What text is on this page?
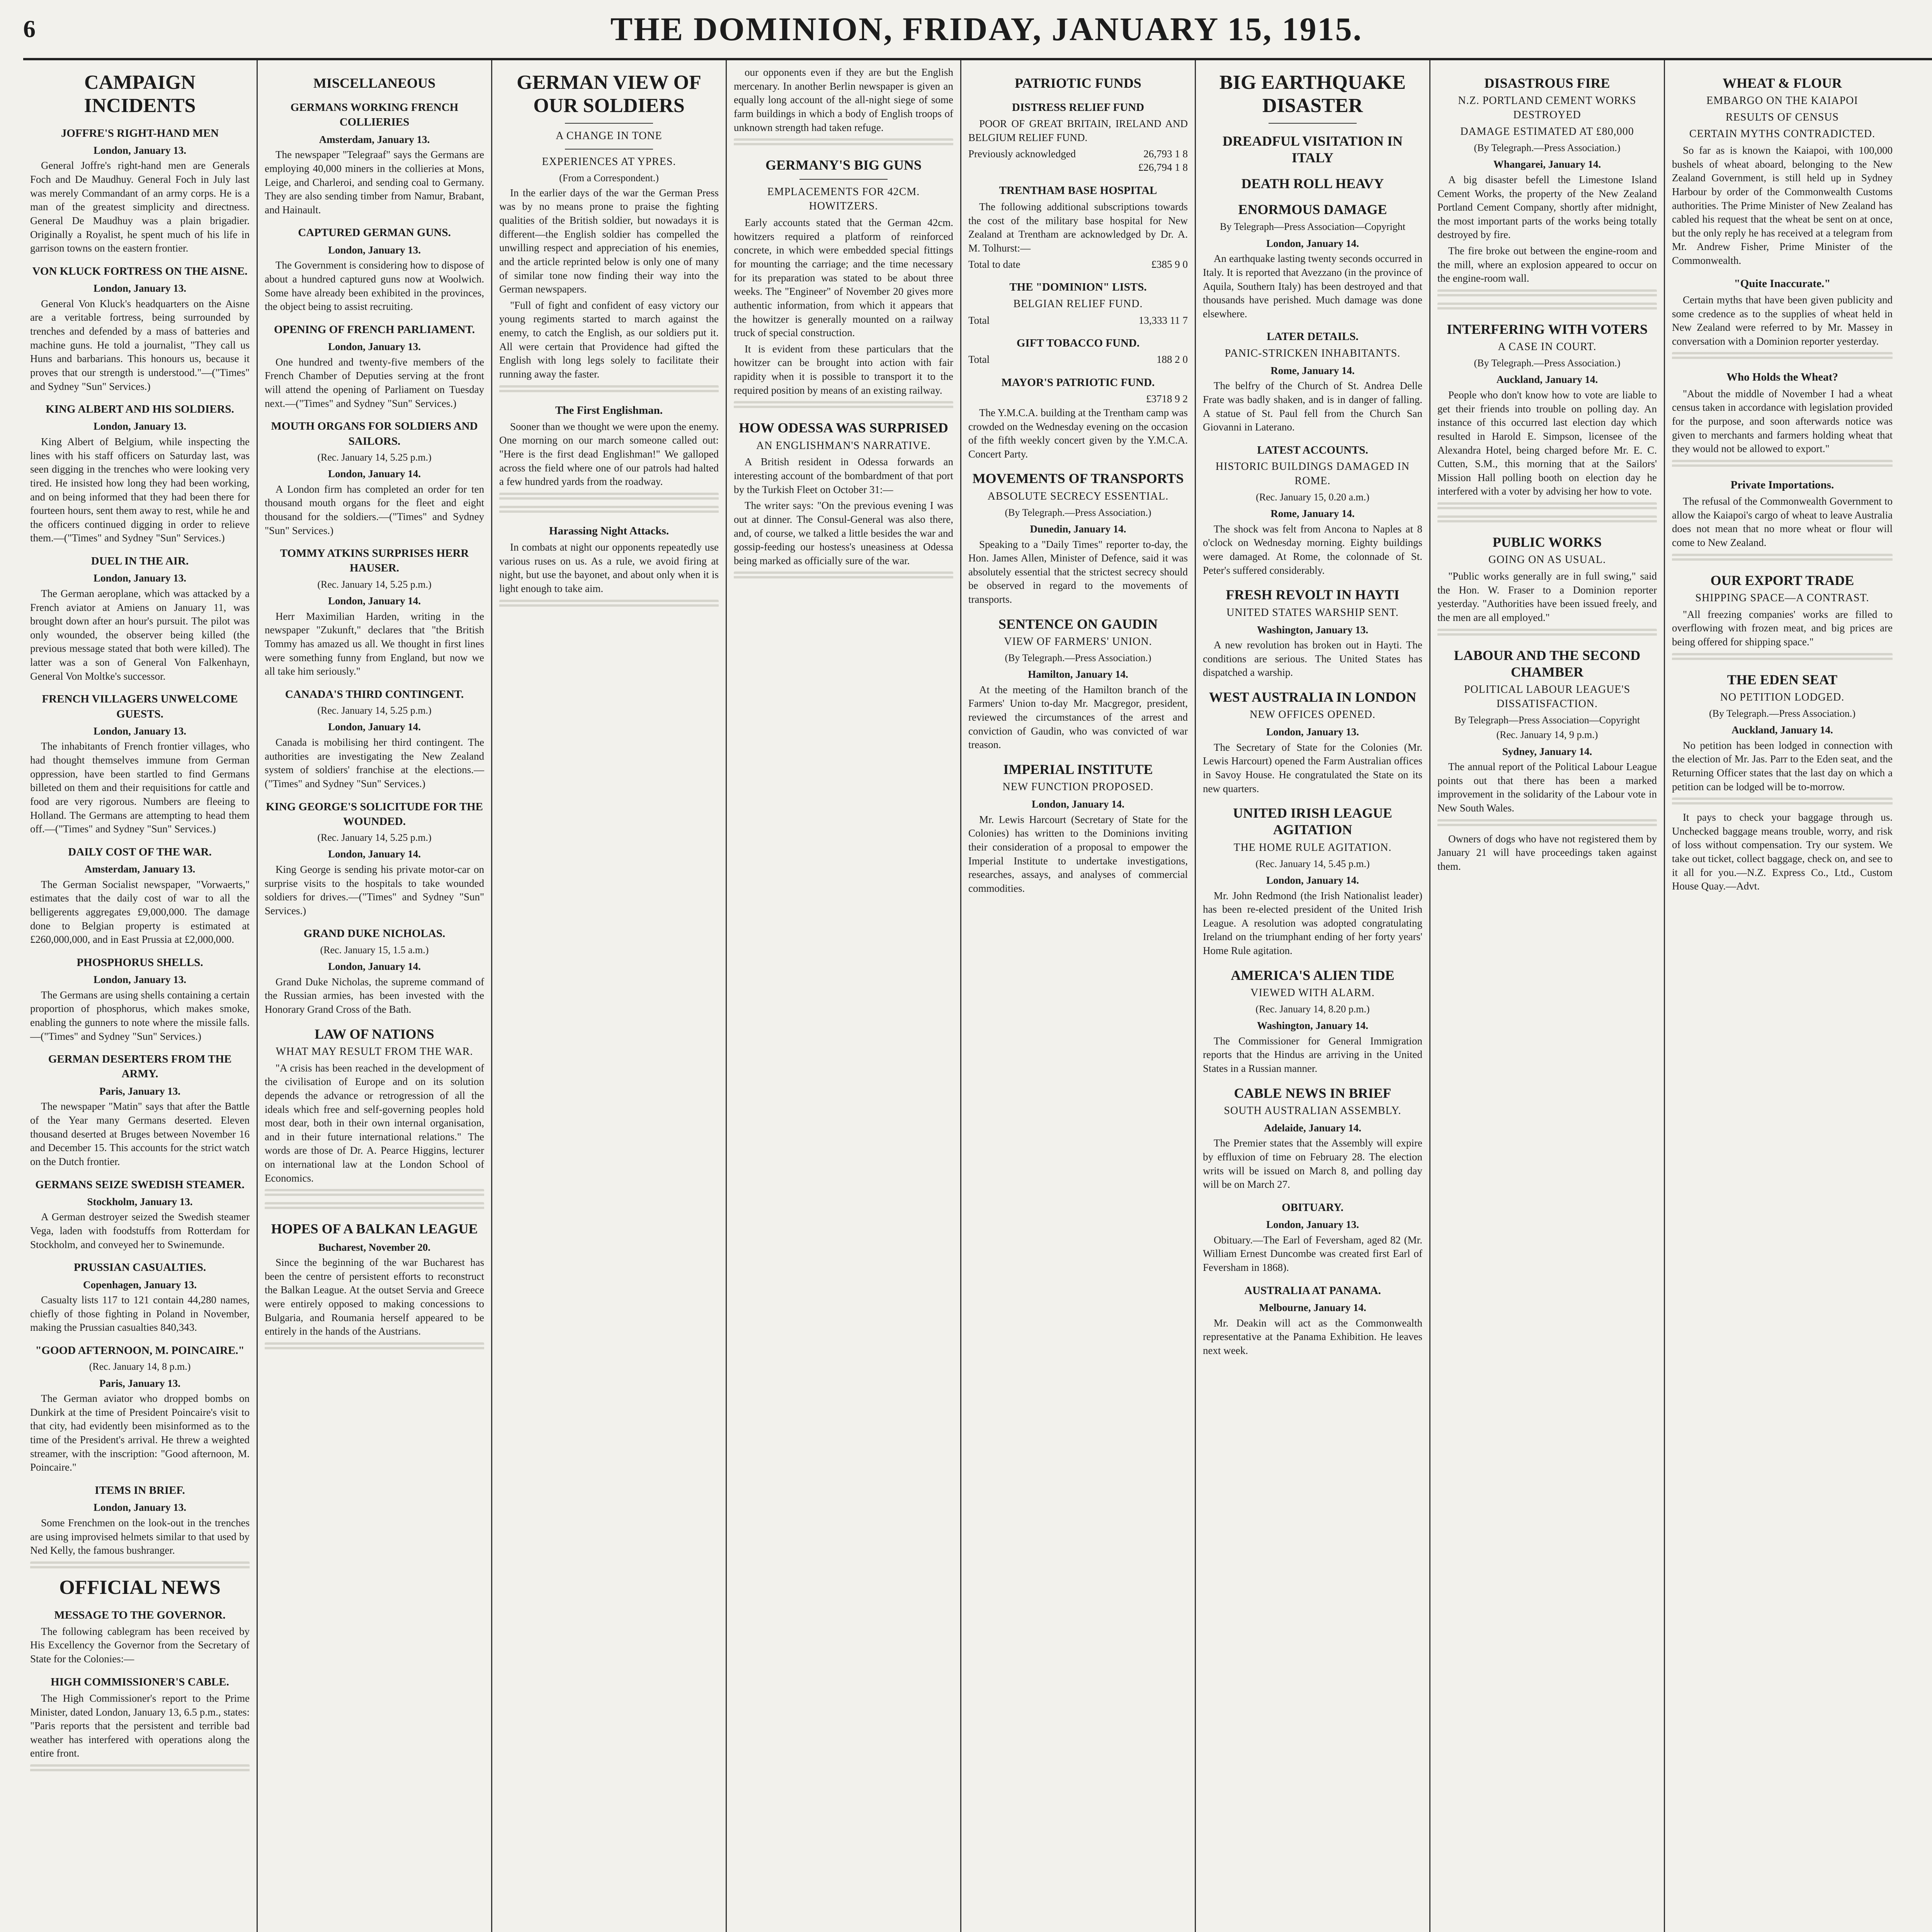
6	THE DOMINION, FRIDAY, JANUARY 15, 1915.
CAMPAIGN INCIDENTS
JOFFRE'S RIGHT-HAND MEN
London, January 13.

General Joffre's right-hand men are Generals Foch and De Maudhuy. General Foch in July last was merely Commandant of an army corps. He is a man of the greatest simplicity and directness. General De Maudhuy was a plain brigadier. Originally a Royalist, he spent much of his life in garrison towns on the eastern frontier.

VON KLUCK FORTRESS ON THE AISNE.
London, January 13.

General Von Kluck's headquarters on the Aisne are a veritable fortress, being surrounded by trenches and defended by a mass of batteries and machine guns. He told a journalist, "They call us Huns and barbarians. This honours us, because it proves that our strength is understood."—("Times" and Sydney "Sun" Services.)

KING ALBERT AND HIS SOLDIERS.
London, January 13.

King Albert of Belgium, while inspecting the lines with his staff officers on Saturday last, was seen digging in the trenches who were looking very tired. He insisted how long they had been working, and on being informed that they had been there for fourteen hours, sent them away to rest, while he and the officers continued digging in order to relieve them.—("Times" and Sydney "Sun" Services.)

DUEL IN THE AIR.
London, January 13.

The German aeroplane, which was attacked by a French aviator at Amiens on January 11, was brought down after an hour's pursuit. The pilot was only wounded, the observer being killed (the previous message stated that both were killed). The latter was a son of General Von Falkenhayn, General Von Moltke's successor.

FRENCH VILLAGERS UNWELCOME GUESTS.
London, January 13.

The inhabitants of French frontier villages, who had thought themselves immune from German oppression, have been startled to find Germans billeted on them and their requisitions for cattle and food are very rigorous. Numbers are fleeing to Holland. The Germans are attempting to head them off.—("Times" and Sydney "Sun" Services.)

DAILY COST OF THE WAR.
Amsterdam, January 13.

The German Socialist newspaper, "Vorwaerts," estimates that the daily cost of war to all the belligerents aggregates £9,000,000. The damage done to Belgian property is estimated at £260,000,000, and in East Prussia at £2,000,000.

PHOSPHORUS SHELLS.
London, January 13.

The Germans are using shells containing a certain proportion of phosphorus, which makes smoke, enabling the gunners to note where the missile falls.—("Times" and Sydney "Sun" Services.)

GERMAN DESERTERS FROM THE ARMY.
Paris, January 13.

The newspaper "Matin" says that after the Battle of the Year many Germans deserted. Eleven thousand deserted at Bruges between November 16 and December 15. This accounts for the strict watch on the Dutch frontier.

GERMANS SEIZE SWEDISH STEAMER.
Stockholm, January 13.

A German destroyer seized the Swedish steamer Vega, laden with foodstuffs from Rotterdam for Stockholm, and conveyed her to Swinemunde.

PRUSSIAN CASUALTIES.
Copenhagen, January 13.

Casualty lists 117 to 121 contain 44,280 names, chiefly of those fighting in Poland in November, making the Prussian casualties 840,343.

"GOOD AFTERNOON, M. POINCAIRE."
(Rec. January 14, 8 p.m.)
Paris, January 13.

The German aviator who dropped bombs on Dunkirk at the time of President Poincaire's visit to that city, had evidently been misinformed as to the time of the President's arrival. He threw a weighted streamer, with the inscription: "Good afternoon, M. Poincaire."

ITEMS IN BRIEF.
London, January 13.

Some Frenchmen on the look-out in the trenches are using improvised helmets similar to that used by Ned Kelly, the famous bushranger.

OFFICIAL NEWS
MESSAGE TO THE GOVERNOR.

The following cablegram has been received by His Excellency the Governor from the Secretary of State for the Colonies:—

HIGH COMMISSIONER'S CABLE.

The High Commissioner's report to the Prime Minister, dated London, January 13, 6.5 p.m., states: "Paris reports that the persistent and terrible bad weather has interfered with operations along the entire front.

MISCELLANEOUS
GERMANS WORKING FRENCH COLLIERIES
Amsterdam, January 13.

The newspaper "Telegraaf" says the Germans are employing 40,000 miners in the collieries at Mons, Leige, and Charleroi, and sending coal to Germany. They are also sending timber from Namur, Brabant, and Hainault.

CAPTURED GERMAN GUNS.
London, January 13.

The Government is considering how to dispose of about a hundred captured guns now at Woolwich. Some have already been exhibited in the provinces, the object being to assist recruiting.

OPENING OF FRENCH PARLIAMENT.
London, January 13.

One hundred and twenty-five members of the French Chamber of Deputies serving at the front will attend the opening of Parliament on Tuesday next.—("Times" and Sydney "Sun" Services.)

MOUTH ORGANS FOR SOLDIERS AND SAILORS.
(Rec. January 14, 5.25 p.m.)
London, January 14.

A London firm has completed an order for ten thousand mouth organs for the fleet and eight thousand for the soldiers.—("Times" and Sydney "Sun" Services.)

TOMMY ATKINS SURPRISES HERR HAUSER.
(Rec. January 14, 5.25 p.m.)
London, January 14.

Herr Maximilian Harden, writing in the newspaper "Zukunft," declares that "the British Tommy has amazed us all. We thought in first lines were something funny from England, but now we all take him seriously."

CANADA'S THIRD CONTINGENT.
(Rec. January 14, 5.25 p.m.)
London, January 14.

Canada is mobilising her third contingent. The authorities are investigating the New Zealand system of soldiers' franchise at the elections.—("Times" and Sydney "Sun" Services.)

KING GEORGE'S SOLICITUDE FOR THE WOUNDED.
(Rec. January 14, 5.25 p.m.)
London, January 14.

King George is sending his private motor-car on surprise visits to the hospitals to take wounded soldiers for drives.—("Times" and Sydney "Sun" Services.)

GRAND DUKE NICHOLAS.
(Rec. January 15, 1.5 a.m.)
London, January 14.

Grand Duke Nicholas, the supreme command of the Russian armies, has been invested with the Honorary Grand Cross of the Bath.

LAW OF NATIONS
WHAT MAY RESULT FROM THE WAR.

"A crisis has been reached in the development of the civilisation of Europe and on its solution depends the advance or retrogression of all the ideals which free and self-governing peoples hold most dear, both in their own internal organisation, and in their future international relations." The words are those of Dr. A. Pearce Higgins, lecturer on international law at the London School of Economics.

HOPES OF A BALKAN LEAGUE
Bucharest, November 20.

Since the beginning of the war Bucharest has been the centre of persistent efforts to reconstruct the Balkan League. At the outset Servia and Greece were entirely opposed to making concessions to Bulgaria, and Roumania herself appeared to be entirely in the hands of the Austrians.

GERMAN VIEW OF OUR SOLDIERS
A CHANGE IN TONE
EXPERIENCES AT YPRES.
(From a Correspondent.)

In the earlier days of the war the German Press was by no means prone to praise the fighting qualities of the British soldier, but nowadays it is different—the English soldier has compelled the unwilling respect and appreciation of his enemies, and the article reprinted below is only one of many of similar tone now finding their way into the German newspapers.

"Full of fight and confident of easy victory our young regiments started to march against the enemy, to catch the English, as our soldiers put it. All were certain that Providence had gifted the English with long legs solely to facilitate their running away the faster.

The First Englishman.

Sooner than we thought we were upon the enemy. One morning on our march someone called out: "Here is the first dead Englishman!" We galloped across the field where one of our patrols had halted a few hundred yards from the roadway.

Harassing Night Attacks.

In combats at night our opponents repeatedly use various ruses on us. As a rule, we avoid firing at night, but use the bayonet, and about only when it is light enough to take aim.

our opponents even if they are but the English mercenary. In another Berlin newspaper is given an equally long account of the all-night siege of some farm buildings in which a body of English troops of unknown strength had taken refuge.

GERMANY'S BIG GUNS
EMPLACEMENTS FOR 42CM. HOWITZERS.

Early accounts stated that the German 42cm. howitzers required a platform of reinforced concrete, in which were embedded special fittings for mounting the carriage; and the time necessary for its preparation was stated to be about three weeks. The "Engineer" of November 20 gives more authentic information, from which it appears that the howitzer is generally mounted on a railway truck of special construction.

It is evident from these particulars that the howitzer can be brought into action with fair rapidity when it is possible to transport it to the required position by means of an existing railway.

HOW ODESSA WAS SURPRISED
AN ENGLISHMAN'S NARRATIVE.

A British resident in Odessa forwards an interesting account of the bombardment of that port by the Turkish Fleet on October 31:—

The writer says: "On the previous evening I was out at dinner. The Consul-General was also there, and, of course, we talked a little besides the war and gossip-feeding our hostess's uneasiness at Odessa being marked as officially sure of the war.

PATRIOTIC FUNDS
DISTRESS RELIEF FUND

POOR OF GREAT BRITAIN, IRELAND AND BELGIUM RELIEF FUND.

Previously acknowledged	26,793 1 8
£26,794 1 8
TRENTHAM BASE HOSPITAL

The following additional subscriptions towards the cost of the military base hospital for New Zealand at Trentham are acknowledged by Dr. A. M. Tolhurst:—

Total to date	£385 9 0
THE "DOMINION" LISTS.
BELGIAN RELIEF FUND.
Total	13,333 11 7
GIFT TOBACCO FUND.
Total	188 2 0
MAYOR'S PATRIOTIC FUND.
£3718 9 2

The Y.M.C.A. building at the Trentham camp was crowded on the Wednesday evening on the occasion of the fifth weekly concert given by the Y.M.C.A. Concert Party.

MOVEMENTS OF TRANSPORTS
ABSOLUTE SECRECY ESSENTIAL.
(By Telegraph.—Press Association.)
Dunedin, January 14.

Speaking to a "Daily Times" reporter to-day, the Hon. James Allen, Minister of Defence, said it was absolutely essential that the strictest secrecy should be observed in regard to the movements of transports.

SENTENCE ON GAUDIN
VIEW OF FARMERS' UNION.
(By Telegraph.—Press Association.)
Hamilton, January 14.

At the meeting of the Hamilton branch of the Farmers' Union to-day Mr. Macgregor, president, reviewed the circumstances of the arrest and conviction of Gaudin, who was convicted of war treason.

IMPERIAL INSTITUTE
NEW FUNCTION PROPOSED.
London, January 14.

Mr. Lewis Harcourt (Secretary of State for the Colonies) has written to the Dominions inviting their consideration of a proposal to empower the Imperial Institute to undertake investigations, researches, assays, and analyses of commercial commodities.

BIG EARTHQUAKE DISASTER
DREADFUL VISITATION IN ITALY
DEATH ROLL HEAVY
ENORMOUS DAMAGE
By Telegraph—Press Association—Copyright
London, January 14.

An earthquake lasting twenty seconds occurred in Italy. It is reported that Avezzano (in the province of Aquila, Southern Italy) has been destroyed and that thousands have perished. Much damage was done elsewhere.

LATER DETAILS.
PANIC-STRICKEN INHABITANTS.
Rome, January 14.

The belfry of the Church of St. Andrea Delle Frate was badly shaken, and is in danger of falling. A statue of St. Paul fell from the Church San Giovanni in Laterano.

LATEST ACCOUNTS.
HISTORIC BUILDINGS DAMAGED IN ROME.
(Rec. January 15, 0.20 a.m.)
Rome, January 14.

The shock was felt from Ancona to Naples at 8 o'clock on Wednesday morning. Eighty buildings were damaged. At Rome, the colonnade of St. Peter's suffered considerably.

FRESH REVOLT IN HAYTI
UNITED STATES WARSHIP SENT.
Washington, January 13.

A new revolution has broken out in Hayti. The conditions are serious. The United States has dispatched a warship.

WEST AUSTRALIA IN LONDON
NEW OFFICES OPENED.
London, January 13.

The Secretary of State for the Colonies (Mr. Lewis Harcourt) opened the Farm Australian offices in Savoy House. He congratulated the State on its new quarters.

UNITED IRISH LEAGUE AGITATION
THE HOME RULE AGITATION.
(Rec. January 14, 5.45 p.m.)
London, January 14.

Mr. John Redmond (the Irish Nationalist leader) has been re-elected president of the United Irish League. A resolution was adopted congratulating Ireland on the triumphant ending of her forty years' Home Rule agitation.

AMERICA'S ALIEN TIDE
VIEWED WITH ALARM.
(Rec. January 14, 8.20 p.m.)
Washington, January 14.

The Commissioner for General Immigration reports that the Hindus are arriving in the United States in a Russian manner.

CABLE NEWS IN BRIEF
SOUTH AUSTRALIAN ASSEMBLY.
Adelaide, January 14.

The Premier states that the Assembly will expire by effluxion of time on February 28. The election writs will be issued on March 8, and polling day will be on March 27.

OBITUARY.
London, January 13.

Obituary.—The Earl of Feversham, aged 82 (Mr. William Ernest Duncombe was created first Earl of Feversham in 1868).

AUSTRALIA AT PANAMA.
Melbourne, January 14.

Mr. Deakin will act as the Commonwealth representative at the Panama Exhibition. He leaves next week.

DISASTROUS FIRE
N.Z. PORTLAND CEMENT WORKS DESTROYED
DAMAGE ESTIMATED AT £80,000
(By Telegraph.—Press Association.)
Whangarei, January 14.

A big disaster befell the Limestone Island Cement Works, the property of the New Zealand Portland Cement Company, shortly after midnight, the most important parts of the works being totally destroyed by fire.

The fire broke out between the engine-room and the mill, where an explosion appeared to occur on the engine-room wall.

INTERFERING WITH VOTERS
A CASE IN COURT.
(By Telegraph.—Press Association.)
Auckland, January 14.

People who don't know how to vote are liable to get their friends into trouble on polling day. An instance of this occurred last election day which resulted in Harold E. Simpson, licensee of the Alexandra Hotel, being charged before Mr. E. C. Cutten, S.M., this morning that at the Sailors' Mission Hall polling booth on election day he interfered with a voter by advising her how to vote.

PUBLIC WORKS
GOING ON AS USUAL.

"Public works generally are in full swing," said the Hon. W. Fraser to a Dominion reporter yesterday. "Authorities have been issued freely, and the men are all employed."

LABOUR AND THE SECOND CHAMBER
POLITICAL LABOUR LEAGUE'S DISSATISFACTION.
By Telegraph—Press Association—Copyright
(Rec. January 14, 9 p.m.)
Sydney, January 14.

The annual report of the Political Labour League points out that there has been a marked improvement in the solidarity of the Labour vote in New South Wales.

Owners of dogs who have not registered them by January 21 will have proceedings taken against them.

WHEAT & FLOUR
EMBARGO ON THE KAIAPOI
RESULTS OF CENSUS
CERTAIN MYTHS CONTRADICTED.

So far as is known the Kaiapoi, with 100,000 bushels of wheat aboard, belonging to the New Zealand Government, is still held up in Sydney Harbour by order of the Commonwealth Customs authorities. The Prime Minister of New Zealand has cabled his request that the wheat be sent on at once, but the only reply he has received at a telegram from Mr. Andrew Fisher, Prime Minister of the Commonwealth.

"Quite Inaccurate."

Certain myths that have been given publicity and some credence as to the supplies of wheat held in New Zealand were referred to by Mr. Massey in conversation with a Dominion reporter yesterday.

Who Holds the Wheat?

"About the middle of November I had a wheat census taken in accordance with legislation provided for the purpose, and soon afterwards notice was given to merchants and farmers holding wheat that they would not be allowed to export."

Private Importations.

The refusal of the Commonwealth Government to allow the Kaiapoi's cargo of wheat to leave Australia does not mean that no more wheat or flour will come to New Zealand.

OUR EXPORT TRADE
SHIPPING SPACE—A CONTRAST.

"All freezing companies' works are filled to overflowing with frozen meat, and big prices are being offered for shipping space."

THE EDEN SEAT
NO PETITION LODGED.
(By Telegraph.—Press Association.)
Auckland, January 14.

No petition has been lodged in connection with the election of Mr. Jas. Parr to the Eden seat, and the Returning Officer states that the last day on which a petition can be lodged will be to-morrow.

It pays to check your baggage through us. Unchecked baggage means trouble, worry, and risk of loss without compensation. Try our system. We take out ticket, collect baggage, check on, and see to it all for you.—N.Z. Express Co., Ltd., Custom House Quay.—Advt.
